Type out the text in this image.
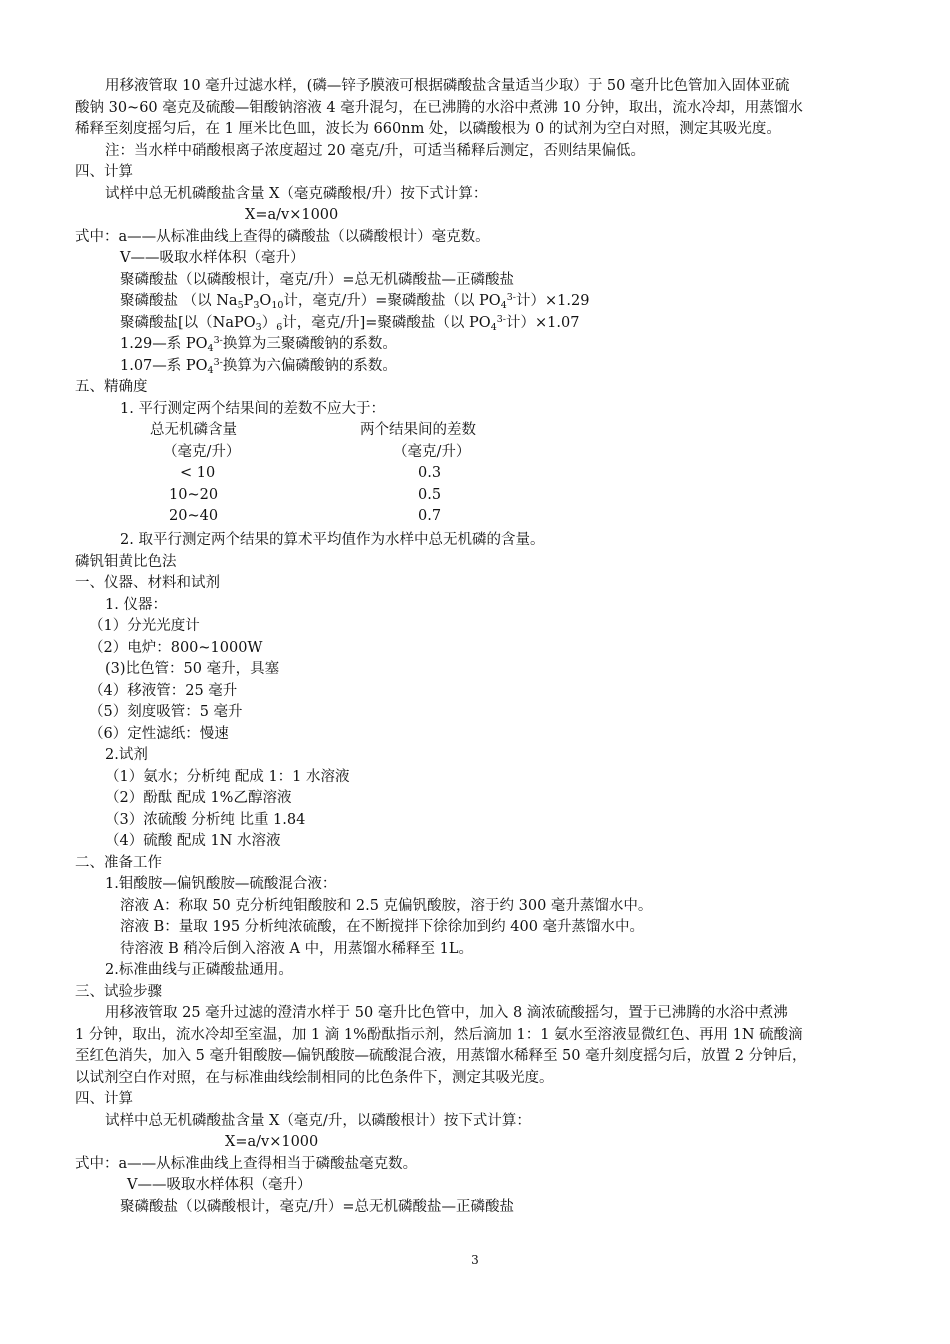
用移液管取 10 毫升过滤水样，(磷—锌予膜液可根据磷酸盐含量适当少取）于 50 毫升比色管加入固体亚硫
酸钠 30~60 毫克及硫酸—钼酸钠溶液 4 毫升混匀，在已沸腾的水浴中煮沸 10 分钟，取出，流水冷却，用蒸馏水
稀释至刻度摇匀后，在 1 厘米比色皿，波长为 660nm 处，以磷酸根为 0 的试剂为空白对照，测定其吸光度。
注：当水样中硝酸根离子浓度超过 20 毫克/升，可适当稀释后测定，否则结果偏低。
四、计算
试样中总无机磷酸盐含量 X（毫克磷酸根/升）按下式计算：
X=a/v×1000
式中：a——从标准曲线上查得的磷酸盐（以磷酸根计）毫克数。
V——吸取水样体积（毫升）
聚磷酸盐（以磷酸根计，毫克/升）=总无机磷酸盐—正磷酸盐
聚磷酸盐 （以 $Na_5P_3O_{10}$计，毫克/升）=聚磷酸盐（以 $PO_4^{3-}$计）×1.29
聚磷酸盐[以$(NaPO_3)_6$计，毫克/升]=聚磷酸盐（以 $PO_4^{3-}$计）×1.07
1.29—系 $PO_4^{3-}$换算为三聚磷酸钠的系数。
1.07—系 $PO_4^{3-}$换算为六偏磷酸钠的系数。
五、精确度
1. 平行测定两个结果间的差数不应大于：
总无机磷含量	两个结果间的差数
（毫克/升）	（毫克/升）
< 10	0.3
10~20	0.5
20~40	0.7
2. 取平行测定两个结果的算术平均值作为水样中总无机磷的含量。
磷钒钼黄比色法
一、仪器、材料和试剂
1. 仪器：
（1）分光光度计
（2）电炉：800~1000W
(3)比色管：50 毫升，具塞
（4）移液管：25 毫升
（5）刻度吸管：5 毫升
（6）定性滤纸：慢速
2.试剂
（1）氨水；分析纯 配成 1：1 水溶液
（2）酚酞 配成 1%乙醇溶液
（3）浓硫酸 分析纯 比重 1.84
（4）硫酸 配成 1N 水溶液
二、准备工作
1.钼酸胺—偏钒酸胺—硫酸混合液：
溶液 A：称取 50 克分析纯钼酸胺和 2.5 克偏钒酸胺，溶于约 300 毫升蒸馏水中。
溶液 B：量取 195 分析纯浓硫酸，在不断搅拌下徐徐加到约 400 毫升蒸馏水中。
待溶液 B 稍冷后倒入溶液 A 中，用蒸馏水稀释至 1L。
2.标准曲线与正磷酸盐通用。
三、试验步骤
用移液管取 25 毫升过滤的澄清水样于 50 毫升比色管中，加入 8 滴浓硫酸摇匀，置于已沸腾的水浴中煮沸
1 分钟，取出，流水冷却至室温，加 1 滴 1%酚酞指示剂，然后滴加 1：1 氨水至溶液显微红色、再用 1N 硫酸滴
至红色消失，加入 5 毫升钼酸胺—偏钒酸胺—硫酸混合液，用蒸馏水稀释至 50 毫升刻度摇匀后，放置 2 分钟后，
以试剂空白作对照，在与标准曲线绘制相同的比色条件下，测定其吸光度。
四、计算
试样中总无机磷酸盐含量 X（毫克/升，以磷酸根计）按下式计算：
X=a/v×1000
式中：a——从标准曲线上查得相当于磷酸盐毫克数。
V——吸取水样体积（毫升）
聚磷酸盐（以磷酸根计，毫克/升）=总无机磷酸盐—正磷酸盐
3
